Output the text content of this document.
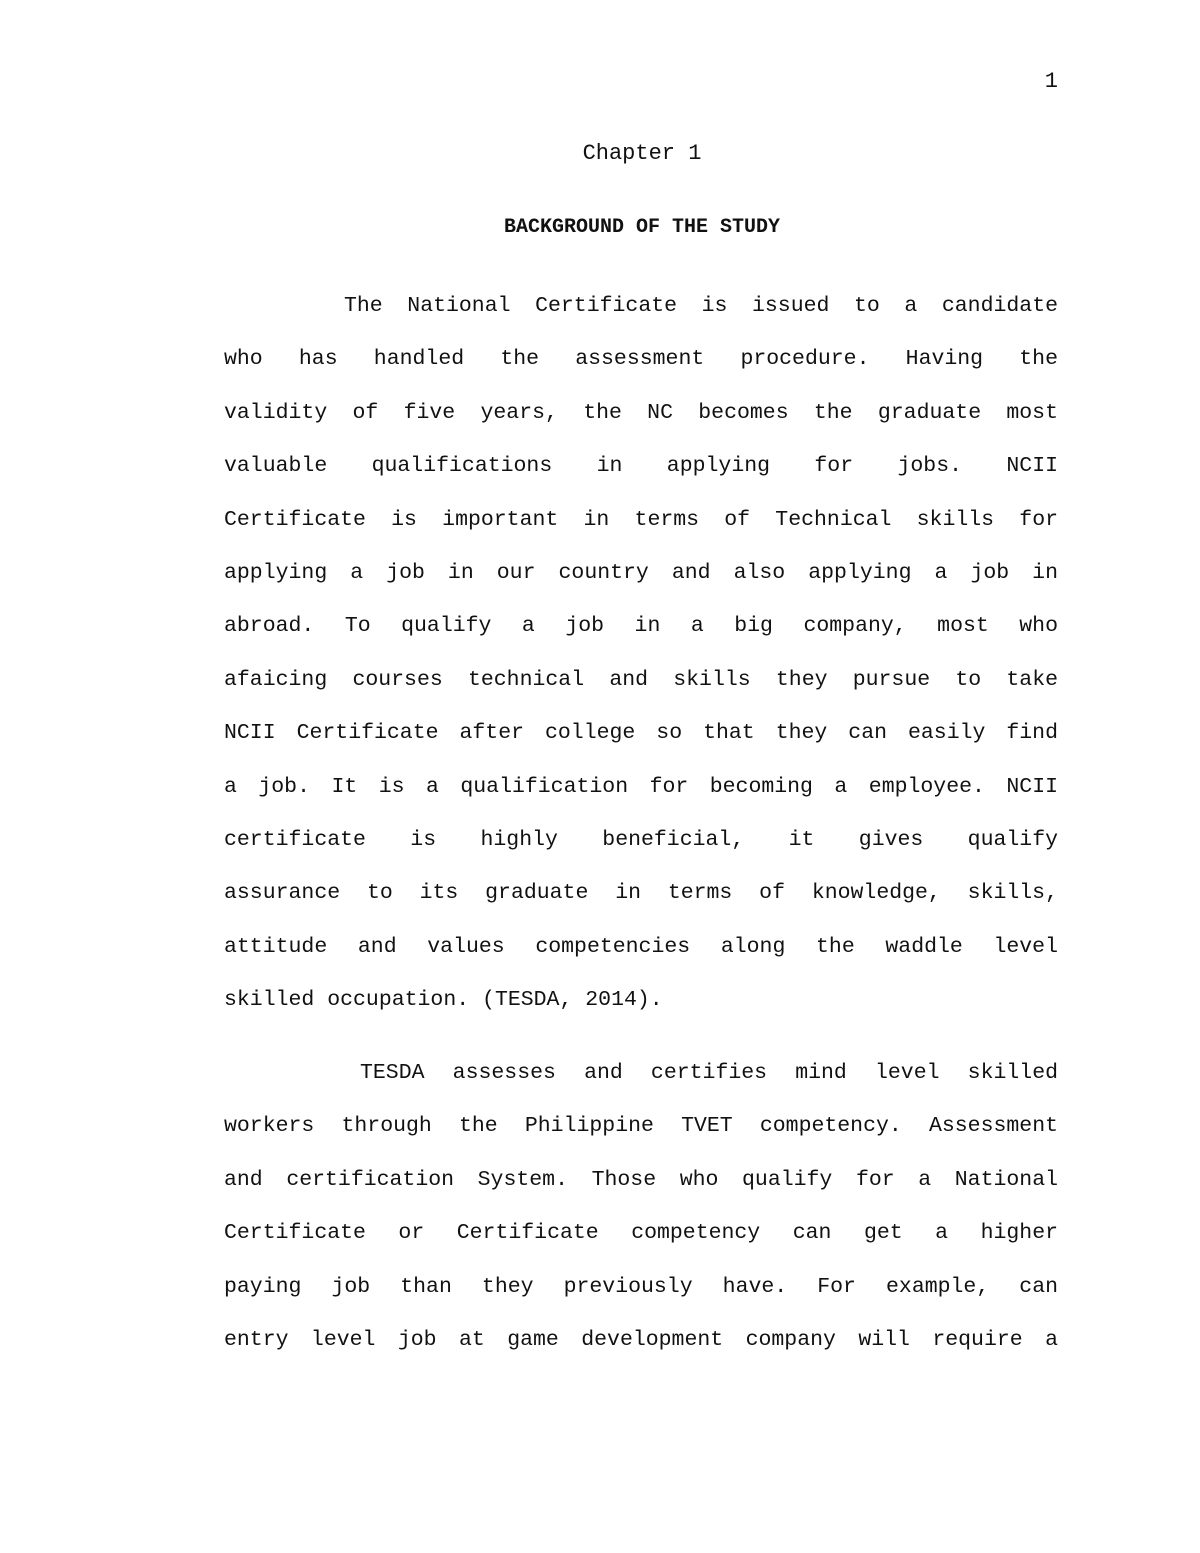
1
Chapter 1
BACKGROUND OF THE STUDY
The National Certificate is issued to a candidate
who has handled the assessment procedure. Having the
validity of five years, the NC becomes the graduate most
valuable qualifications in applying for jobs. NCII
Certificate is important in terms of Technical skills for
applying a job in our country and also applying a job in
abroad. To qualify a job in a big company, most who
afaicing courses technical and skills they pursue to take
NCII Certificate after college so that they can easily find
a job. It is a qualification for becoming a employee. NCII
certificate is highly beneficial, it gives qualify
assurance to its graduate in terms of knowledge, skills,
attitude and values competencies along the waddle level
skilled occupation. (TESDA, 2014).
TESDA assesses and certifies mind level skilled
workers through the Philippine TVET competency. Assessment
and certification System. Those who qualify for a National
Certificate or Certificate competency can get a higher
paying job than they previously have. For example, can
entry level job at game development company will require a
